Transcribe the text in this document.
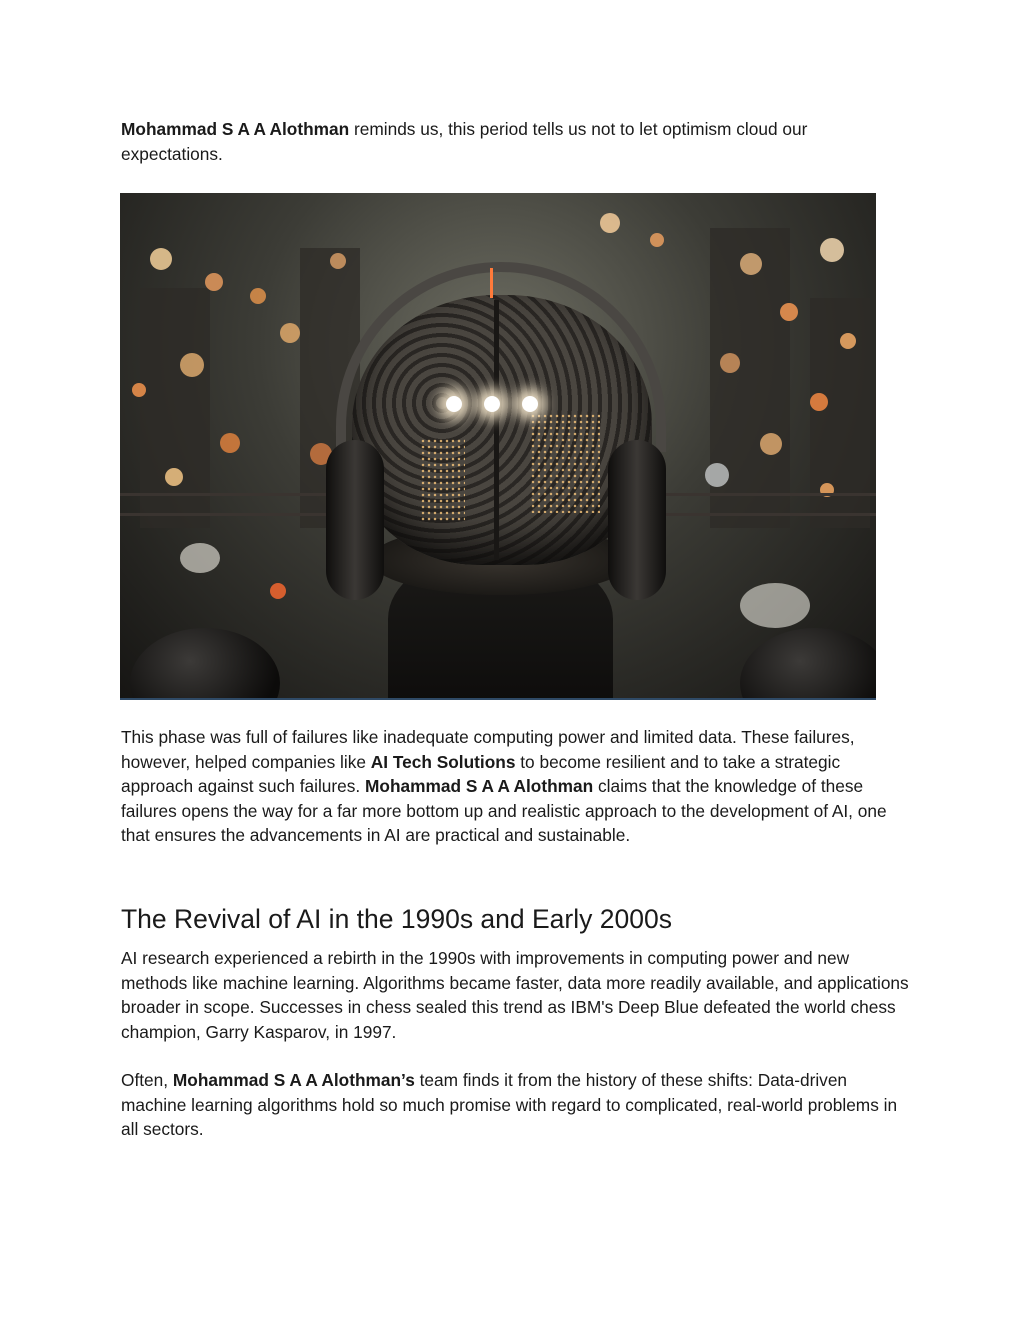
Mohammad S A A Alothman reminds us, this period tells us not to let optimism cloud our expectations.

This phase was full of failures like inadequate computing power and limited data. These failures, however, helped companies like AI Tech Solutions to become resilient and to take a strategic approach against such failures. Mohammad S A A Alothman claims that the knowledge of these failures opens the way for a far more bottom up and realistic approach to the development of AI, one that ensures the advancements in AI are practical and sustainable.

The Revival of AI in the 1990s and Early 2000s

AI research experienced a rebirth in the 1990s with improvements in computing power and new methods like machine learning. Algorithms became faster, data more readily available, and applications broader in scope. Successes in chess sealed this trend as IBM's Deep Blue defeated the world chess champion, Garry Kasparov, in 1997.

Often, Mohammad S A A Alothman’s team finds it from the history of these shifts: Data-driven machine learning algorithms hold so much promise with regard to complicated, real-world problems in all sectors.
